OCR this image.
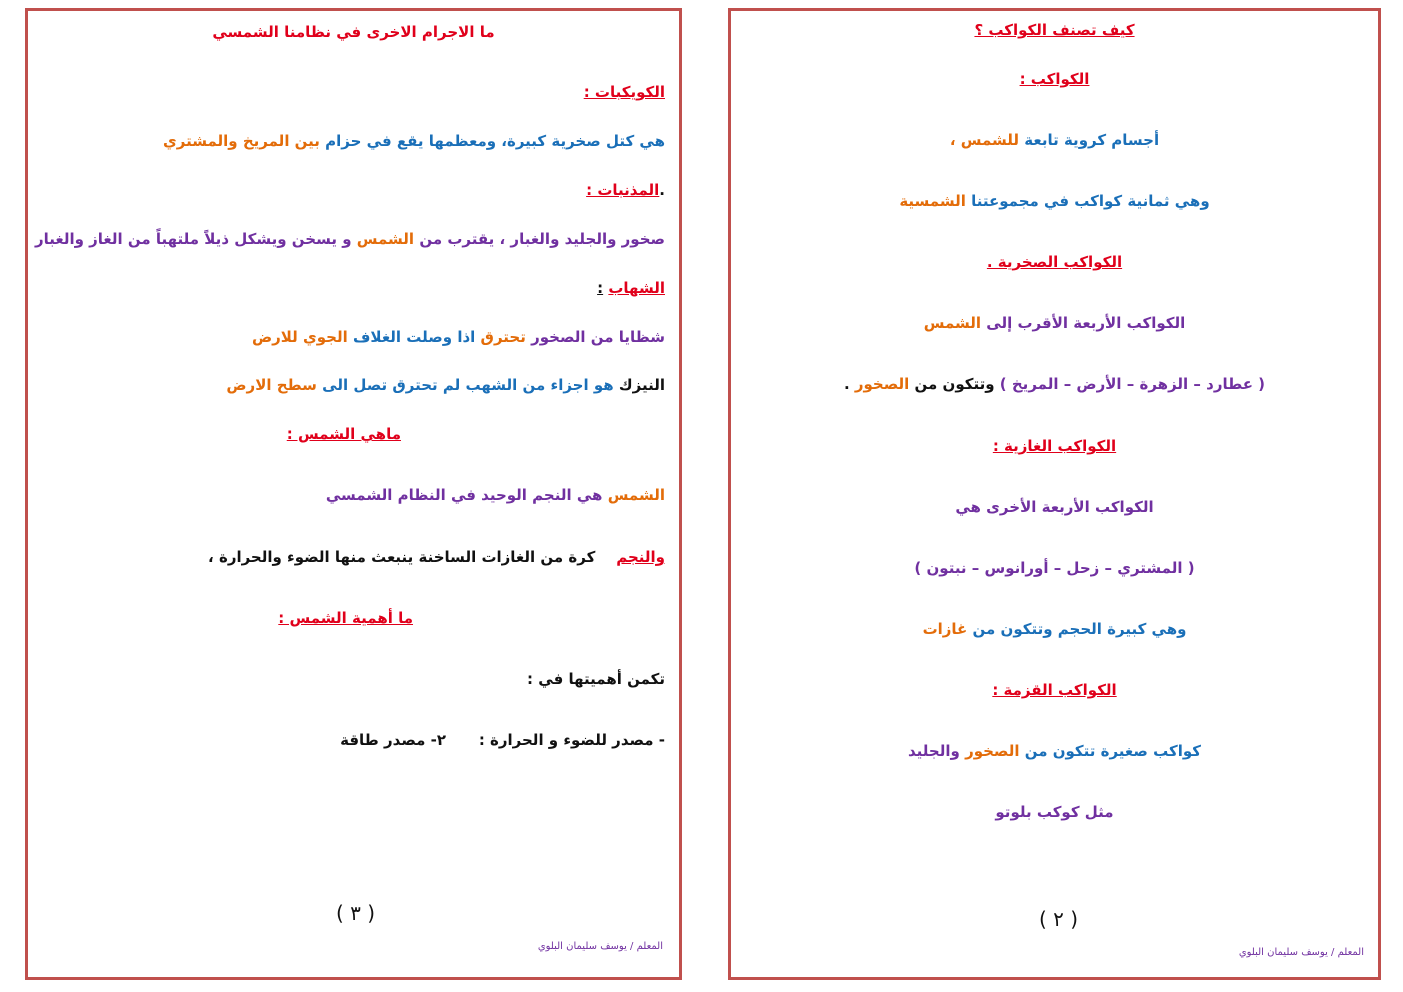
ما الاجرام الاخرى في نظامنا الشمسي
الكويكبات :
هي كتل صخرية كبيرة، ومعظمها يقع في حزام بين المريخ والمشتري
.المذنبات :
صخور والجليد والغبار ، يقترب من الشمس و يسخن ويشكل ذيلاً ملتهباً من الغاز والغبار
الشهاب :
شظايا من الصخور تحترق اذا وصلت الغلاف الجوي للارض
النيزك هو اجزاء من الشهب لم تحترق تصل الى سطح الارض
ماهي الشمس :
الشمس هي النجم الوحيد في النظام الشمسي
والنجم    كرة من الغازات الساخنة ينبعث منها الضوء والحرارة ،
ما أهمية الشمس :
تكمن أهميتها في :
- مصدر للضوء و الحرارة :
٢- مصدر طاقة
( ٣ )
المعلم / يوسف سليمان البلوي
كيف تصنف الكواكب ؟
الكواكب :
أجسام كروية تابعة للشمس ،
وهي ثمانية كواكب في مجموعتنا الشمسية
الكواكب الصخرية .
الكواكب الأربعة الأقرب إلى الشمس
( عطارد – الزهرة – الأرض – المريخ ) وتتكون من الصخور .
الكواكب الغازية :
الكواكب الأربعة الأخرى هي
( المشتري – زحل – أورانوس – نبتون )
وهي كبيرة الحجم وتتكون من غازات
الكواكب القزمة :
كواكب صغيرة تتكون من الصخور والجليد
مثل كوكب بلوتو
( ٢ )
المعلم / يوسف سليمان البلوي
